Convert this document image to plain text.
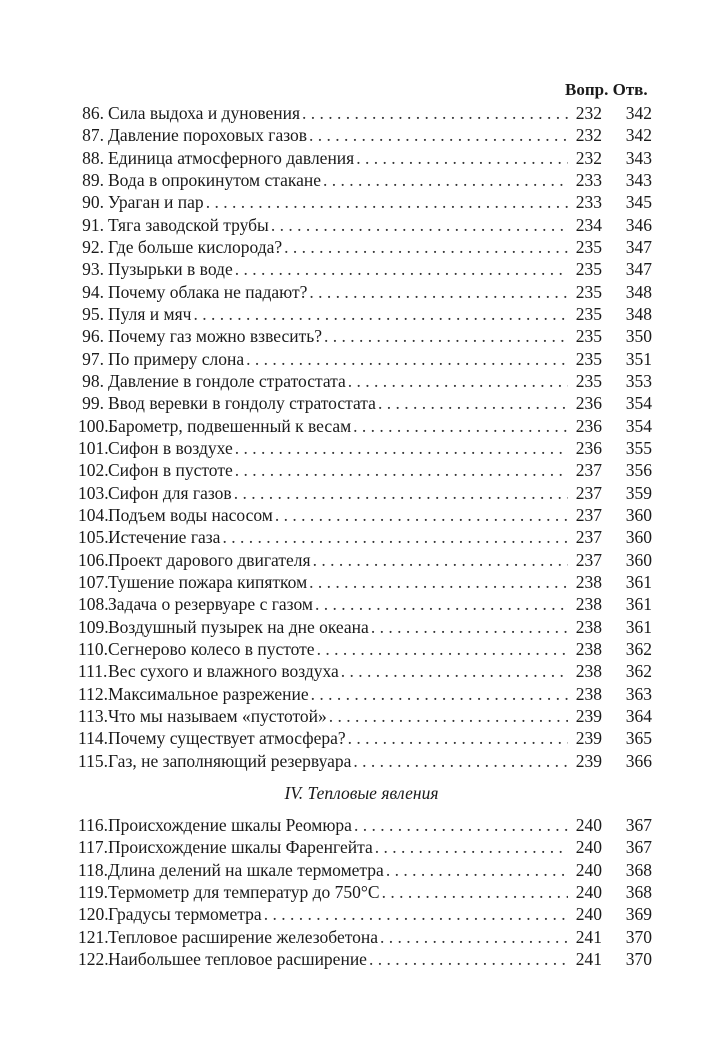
Вопр. Отв.
86. Сила выдоха и дуновения . . .	232	342
87. Давление пороховых газов . . .	232	342
88. Единица атмосферного давления . . .	232	343
89. Вода в опрокинутом стакане . . .	233	343
90. Ураган и пар . . .	233	345
91. Тяга заводской трубы . . .	234	346
92. Где больше кислорода? . . .	235	347
93. Пузырьки в воде . . .	235	347
94. Почему облака не падают? . . .	235	348
95. Пуля и мяч . . .	235	348
96. Почему газ можно взвесить? . . .	235	350
97. По примеру слона . . .	235	351
98. Давление в гондоле стратостата . . .	235	353
99. Ввод веревки в гондолу стратостата . . .	236	354
100. Барометр, подвешенный к весам . . .	236	354
101. Сифон в воздухе . . .	236	355
102. Сифон в пустоте . . .	237	356
103. Сифон для газов . . .	237	359
104. Подъем воды насосом . . .	237	360
105. Истечение газа . . .	237	360
106. Проект дарового двигателя . . .	237	360
107. Тушение пожара кипятком . . .	238	361
108. Задача о резервуаре с газом . . .	238	361
109. Воздушный пузырек на дне океана . . .	238	361
110. Сегнерово колесо в пустоте . . .	238	362
111. Вес сухого и влажного воздуха . . .	238	362
112. Максимальное разрежение . . .	238	363
113. Что мы называем «пустотой» . . .	239	364
114. Почему существует атмосфера? . . .	239	365
115. Газ, не заполняющий резервуара . . .	239	366
IV. Тепловые явления
116. Происхождение шкалы Реомюра . . .	240	367
117. Происхождение шкалы Фаренгейта . . .	240	367
118. Длина делений на шкале термометра . . .	240	368
119. Термометр для температур до 750°С . . .	240	368
120. Градусы термометра . . .	240	369
121. Тепловое расширение железобетона . . .	241	370
122. Наибольшее тепловое расширение . . .	241	370
